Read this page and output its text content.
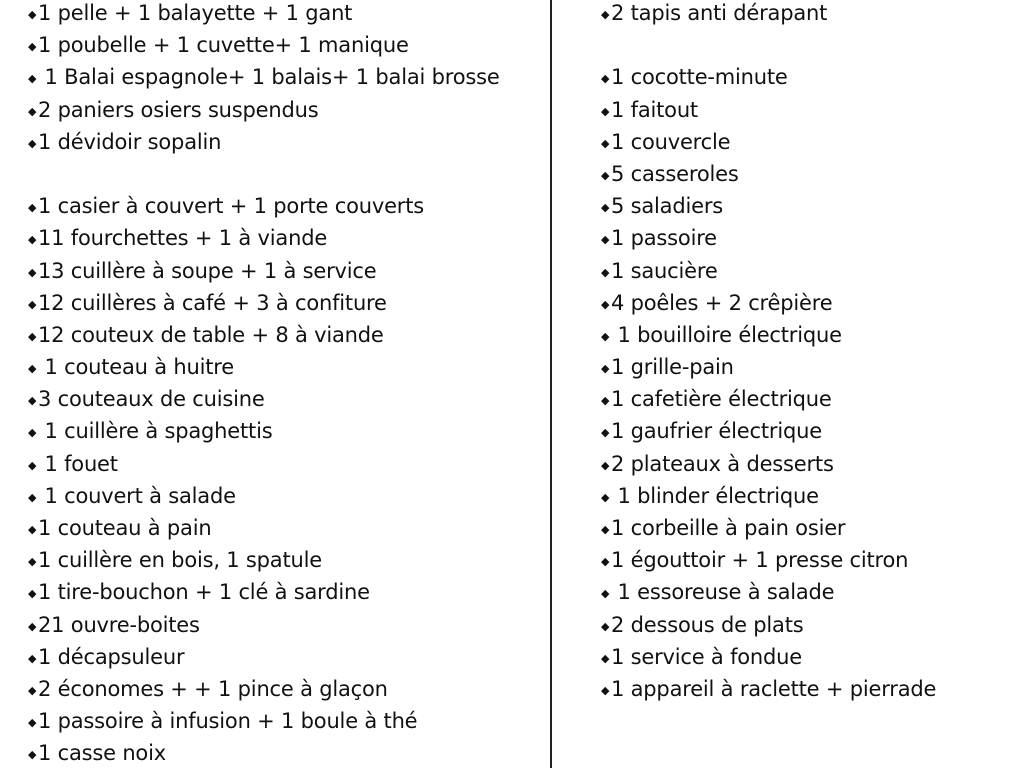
◆1 pelle + 1 balayette + 1 gant
◆1 poubelle + 1 cuvette+ 1 manique
◆ 1 Balai espagnole+ 1 balais+ 1 balai brosse
◆2 paniers osiers suspendus
◆1 dévidoir sopalin
◆1 casier à couvert + 1 porte couverts
◆11 fourchettes + 1 à viande
◆13 cuillère à soupe + 1 à service
◆12 cuillères à café + 3 à confiture
◆12 couteux de table + 8 à viande
◆ 1 couteau à huitre
◆3 couteaux de cuisine
◆ 1 cuillère à spaghettis
◆ 1 fouet
◆ 1 couvert à salade
◆1 couteau à pain
◆1 cuillère en bois, 1 spatule
◆1 tire-bouchon + 1 clé à sardine
◆21 ouvre-boites
◆1 décapsuleur
◆2 économes + + 1 pince à glaçon
◆1 passoire à infusion + 1 boule à thé
◆1 casse noix
◆2 tapis anti dérapant
◆1 cocotte-minute
◆1 faitout
◆1 couvercle
◆5 casseroles
◆5 saladiers
◆1 passoire
◆1 saucière
◆4 poêles + 2 crêpière
◆ 1 bouilloire électrique
◆1 grille-pain
◆1 cafetière électrique
◆1 gaufrier électrique
◆2 plateaux à desserts
◆ 1 blinder électrique
◆1 corbeille à pain osier
◆1 égouttoir + 1 presse citron
◆ 1 essoreuse à salade
◆2 dessous de plats
◆1 service à fondue
◆1 appareil à raclette + pierrade
